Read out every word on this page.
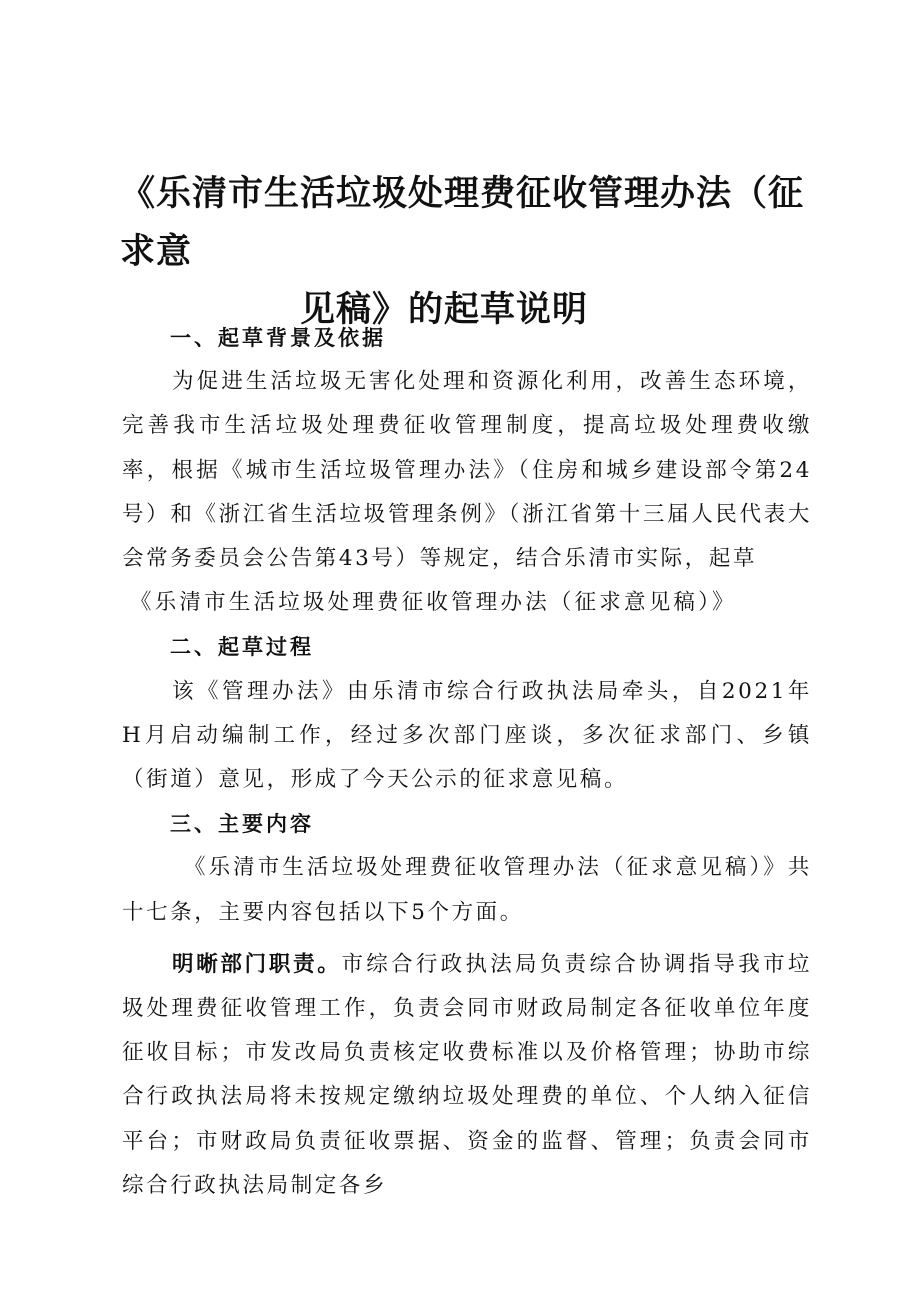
《乐清市生活垃圾处理费征收管理办法（征求意
见稿》的起草说明
一、起草背景及依据
为促进生活垃圾无害化处理和资源化利用，改善生态环境，完善我市生活垃圾处理费征收管理制度，提高垃圾处理费收缴率，根据《城市生活垃圾管理办法》（住房和城乡建设部令第24号）和《浙江省生活垃圾管理条例》（浙江省第十三届人民代表大会常务委员会公告第43号）等规定，结合乐清市实际，起草
《乐清市生活垃圾处理费征收管理办法（征求意见稿）》
二、起草过程
该《管理办法》由乐清市综合行政执法局牵头，自2021年H月启动编制工作，经过多次部门座谈，多次征求部门、乡镇（街道）意见，形成了今天公示的征求意见稿。
三、主要内容
《乐清市生活垃圾处理费征收管理办法（征求意见稿）》共十七条，主要内容包括以下5个方面。
明晰部门职责。市综合行政执法局负责综合协调指导我市垃圾处理费征收管理工作，负责会同市财政局制定各征收单位年度征收目标；市发改局负责核定收费标准以及价格管理；协助市综合行政执法局将未按规定缴纳垃圾处理费的单位、个人纳入征信平台；市财政局负责征收票据、资金的监督、管理；负责会同市综合行政执法局制定各乡
